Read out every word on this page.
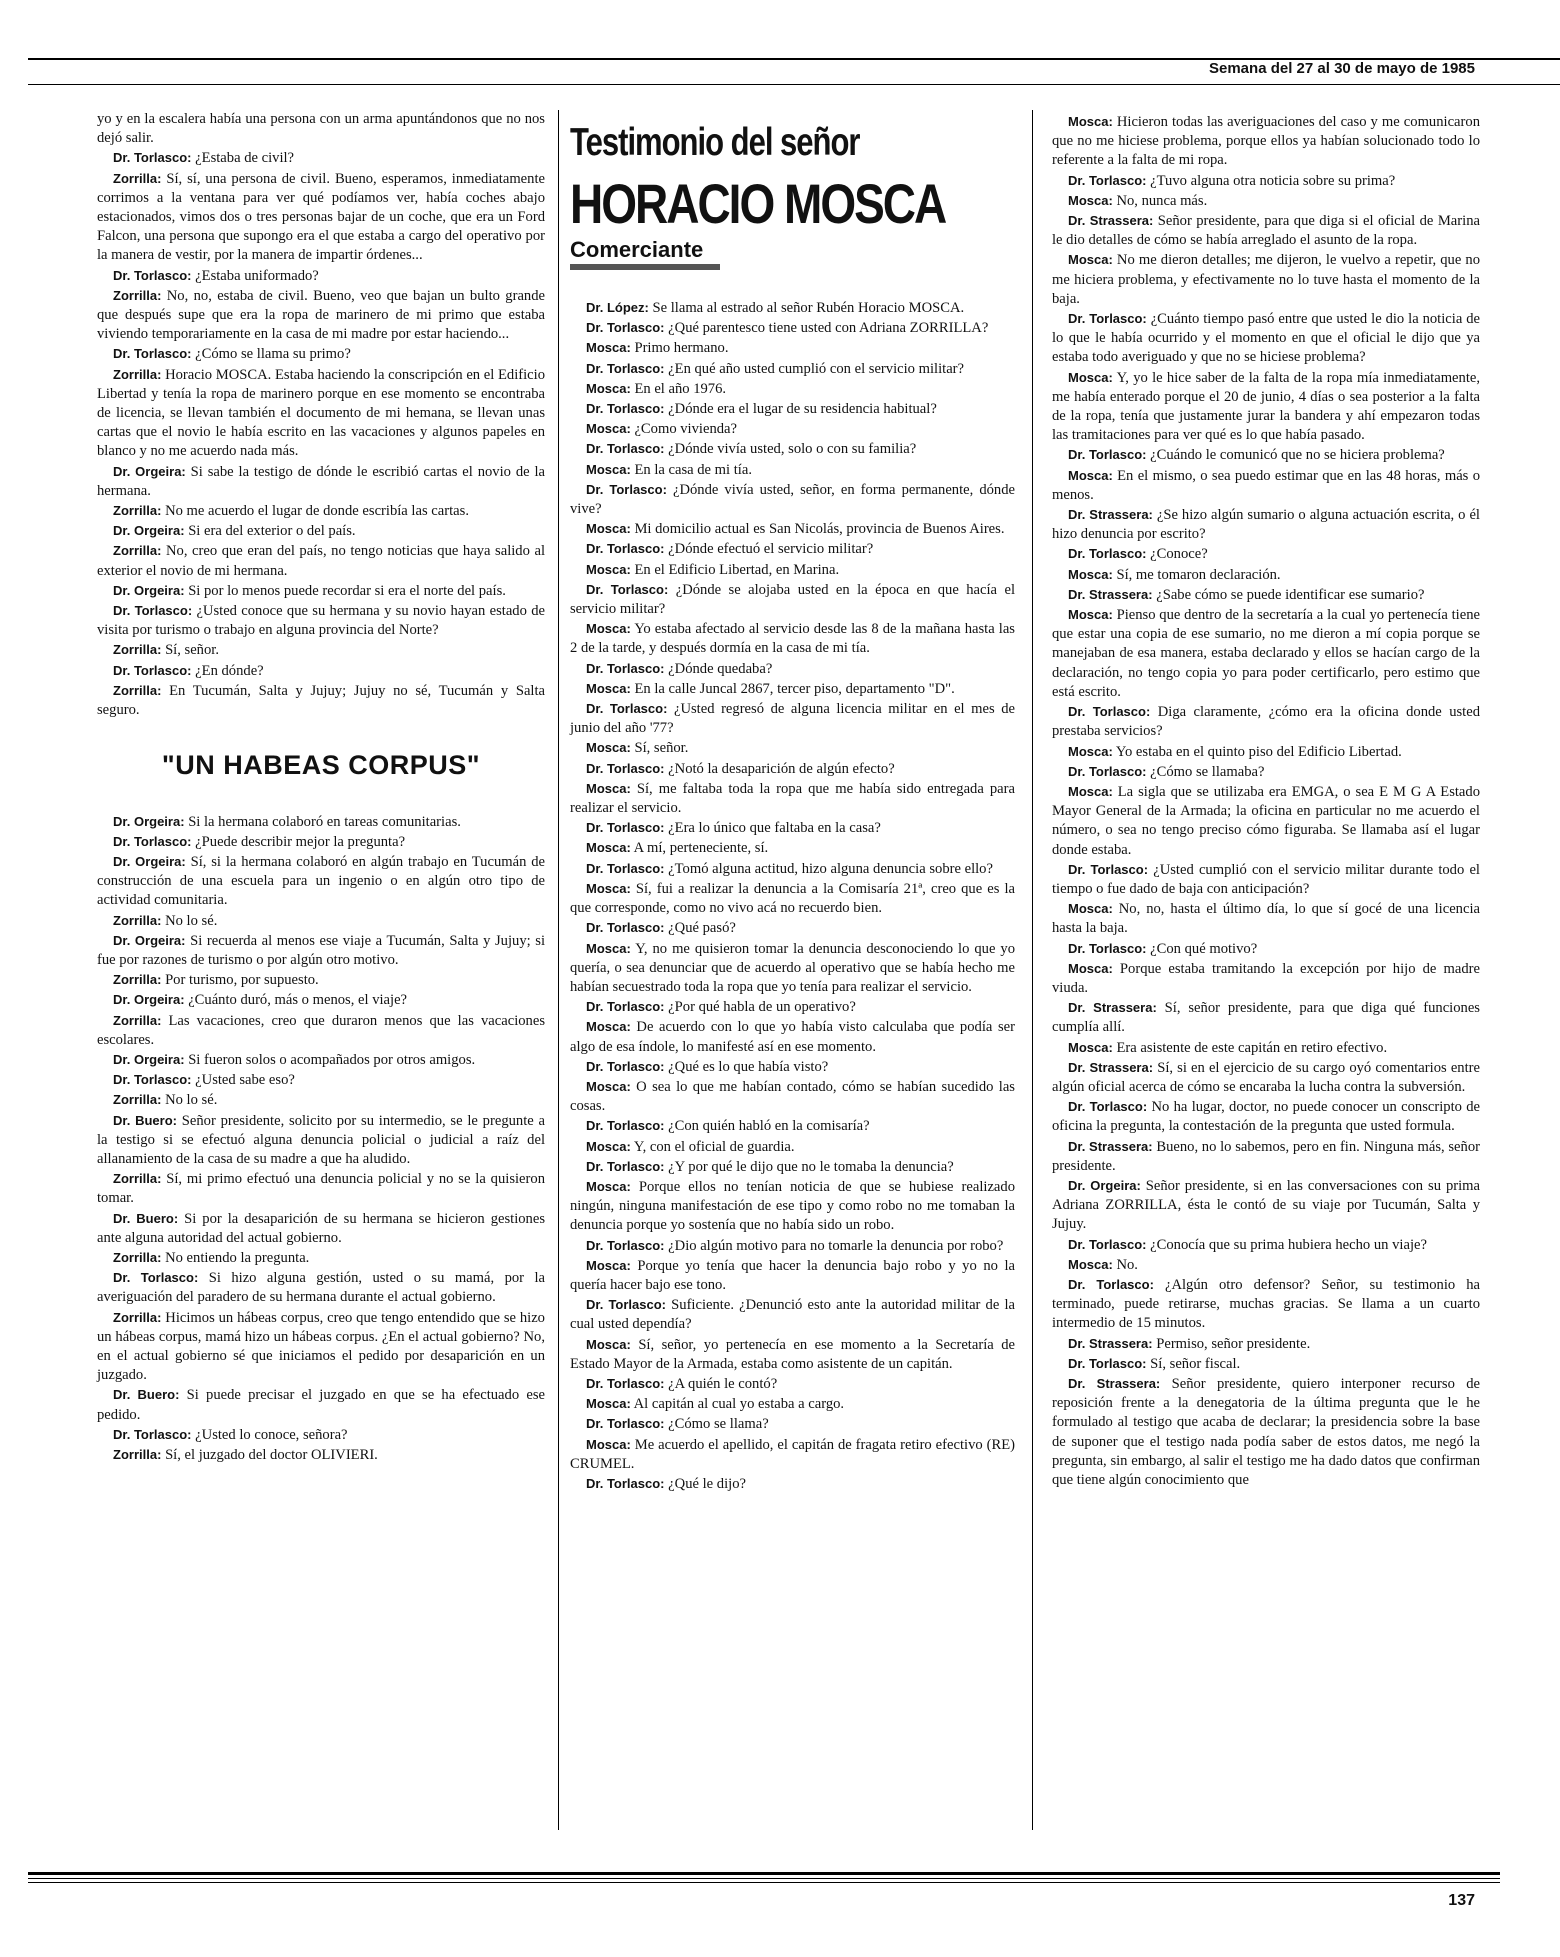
Semana del 27 al 30 de mayo de 1985

yo y en la escalera había una persona con un arma apuntándonos que no nos dejó salir.

Dr. Torlasco: ¿Estaba de civil?

Zorrilla: Sí, sí, una persona de civil. Bueno, esperamos, inmediatamente corrimos a la ventana para ver qué podíamos ver, había coches abajo estacionados, vimos dos o tres personas bajar de un coche, que era un Ford Falcon, una persona que supongo era el que estaba a cargo del operativo por la manera de vestir, por la manera de impartir órdenes...

Dr. Torlasco: ¿Estaba uniformado?

Zorrilla: No, no, estaba de civil. Bueno, veo que bajan un bulto grande que después supe que era la ropa de marinero de mi primo que estaba viviendo temporariamente en la casa de mi madre por estar haciendo...

Dr. Torlasco: ¿Cómo se llama su primo?

Zorrilla: Horacio MOSCA. Estaba haciendo la conscripción en el Edificio Libertad y tenía la ropa de marinero porque en ese momento se encontraba de licencia, se llevan también el documento de mi hemana, se llevan unas cartas que el novio le había escrito en las vacaciones y algunos papeles en blanco y no me acuerdo nada más.

Dr. Orgeira: Si sabe la testigo de dónde le escribió cartas el novio de la hermana.

Zorrilla: No me acuerdo el lugar de donde escribía las cartas.

Dr. Orgeira: Si era del exterior o del país.

Zorrilla: No, creo que eran del país, no tengo noticias que haya salido al exterior el novio de mi hermana.

Dr. Orgeira: Si por lo menos puede recordar si era el norte del país.

Dr. Torlasco: ¿Usted conoce que su hermana y su novio hayan estado de visita por turismo o trabajo en alguna provincia del Norte?

Zorrilla: Sí, señor.

Dr. Torlasco: ¿En dónde?

Zorrilla: En Tucumán, Salta y Jujuy; Jujuy no sé, Tucumán y Salta seguro.

"UN HABEAS CORPUS"

Dr. Orgeira: Si la hermana colaboró en tareas comunitarias.

Dr. Torlasco: ¿Puede describir mejor la pregunta?

Dr. Orgeira: Sí, si la hermana colaboró en algún trabajo en Tucumán de construcción de una escuela para un ingenio o en algún otro tipo de actividad comunitaria.

Zorrilla: No lo sé.

Dr. Orgeira: Si recuerda al menos ese viaje a Tucumán, Salta y Jujuy; si fue por razones de turismo o por algún otro motivo.

Zorrilla: Por turismo, por supuesto.

Dr. Orgeira: ¿Cuánto duró, más o menos, el viaje?

Zorrilla: Las vacaciones, creo que duraron menos que las vacaciones escolares.

Dr. Orgeira: Si fueron solos o acompañados por otros amigos.

Dr. Torlasco: ¿Usted sabe eso?

Zorrilla: No lo sé.

Dr. Buero: Señor presidente, solicito por su intermedio, se le pregunte a la testigo si se efectuó alguna denuncia policial o judicial a raíz del allanamiento de la casa de su madre a que ha aludido.

Zorrilla: Sí, mi primo efectuó una denuncia policial y no se la quisieron tomar.

Dr. Buero: Si por la desaparición de su hermana se hicieron gestiones ante alguna autoridad del actual gobierno.

Zorrilla: No entiendo la pregunta.

Dr. Torlasco: Si hizo alguna gestión, usted o su mamá, por la averiguación del paradero de su hermana durante el actual gobierno.

Zorrilla: Hicimos un hábeas corpus, creo que tengo entendido que se hizo un hábeas corpus, mamá hizo un hábeas corpus. ¿En el actual gobierno? No, en el actual gobierno sé que iniciamos el pedido por desaparición en un juzgado.

Dr. Buero: Si puede precisar el juzgado en que se ha efectuado ese pedido.

Dr. Torlasco: ¿Usted lo conoce, señora?

Zorrilla: Sí, el juzgado del doctor OLIVIERI.

Testimonio del señor
HORACIO MOSCA
Comerciante

Dr. López: Se llama al estrado al señor Rubén Horacio MOSCA.

Dr. Torlasco: ¿Qué parentesco tiene usted con Adriana ZORRILLA?

Mosca: Primo hermano.

Dr. Torlasco: ¿En qué año usted cumplió con el servicio militar?

Mosca: En el año 1976.

Dr. Torlasco: ¿Dónde era el lugar de su residencia habitual?

Mosca: ¿Como vivienda?

Dr. Torlasco: ¿Dónde vivía usted, solo o con su familia?

Mosca: En la casa de mi tía.

Dr. Torlasco: ¿Dónde vivía usted, señor, en forma permanente, dónde vive?

Mosca: Mi domicilio actual es San Nicolás, provincia de Buenos Aires.

Dr. Torlasco: ¿Dónde efectuó el servicio militar?

Mosca: En el Edificio Libertad, en Marina.

Dr. Torlasco: ¿Dónde se alojaba usted en la época en que hacía el servicio militar?

Mosca: Yo estaba afectado al servicio desde las 8 de la mañana hasta las 2 de la tarde, y después dormía en la casa de mi tía.

Dr. Torlasco: ¿Dónde quedaba?

Mosca: En la calle Juncal 2867, tercer piso, departamento "D".

Dr. Torlasco: ¿Usted regresó de alguna licencia militar en el mes de junio del año '77?

Mosca: Sí, señor.

Dr. Torlasco: ¿Notó la desaparición de algún efecto?

Mosca: Sí, me faltaba toda la ropa que me había sido entregada para realizar el servicio.

Dr. Torlasco: ¿Era lo único que faltaba en la casa?

Mosca: A mí, perteneciente, sí.

Dr. Torlasco: ¿Tomó alguna actitud, hizo alguna denuncia sobre ello?

Mosca: Sí, fui a realizar la denuncia a la Comisaría 21ª, creo que es la que corresponde, como no vivo acá no recuerdo bien.

Dr. Torlasco: ¿Qué pasó?

Mosca: Y, no me quisieron tomar la denuncia desconociendo lo que yo quería, o sea denunciar que de acuerdo al operativo que se había hecho me habían secuestrado toda la ropa que yo tenía para realizar el servicio.

Dr. Torlasco: ¿Por qué habla de un operativo?

Mosca: De acuerdo con lo que yo había visto calculaba que podía ser algo de esa índole, lo manifesté así en ese momento.

Dr. Torlasco: ¿Qué es lo que había visto?

Mosca: O sea lo que me habían contado, cómo se habían sucedido las cosas.

Dr. Torlasco: ¿Con quién habló en la comisaría?

Mosca: Y, con el oficial de guardia.

Dr. Torlasco: ¿Y por qué le dijo que no le tomaba la denuncia?

Mosca: Porque ellos no tenían noticia de que se hubiese realizado ningún, ninguna manifestación de ese tipo y como robo no me tomaban la denuncia porque yo sostenía que no había sido un robo.

Dr. Torlasco: ¿Dio algún motivo para no tomarle la denuncia por robo?

Mosca: Porque yo tenía que hacer la denuncia bajo robo y yo no la quería hacer bajo ese tono.

Dr. Torlasco: Suficiente. ¿Denunció esto ante la autoridad militar de la cual usted dependía?

Mosca: Sí, señor, yo pertenecía en ese momento a la Secretaría de Estado Mayor de la Armada, estaba como asistente de un capitán.

Dr. Torlasco: ¿A quién le contó?

Mosca: Al capitán al cual yo estaba a cargo.

Dr. Torlasco: ¿Cómo se llama?

Mosca: Me acuerdo el apellido, el capitán de fragata retiro efectivo (RE) CRUMEL.

Dr. Torlasco: ¿Qué le dijo?

Mosca: Hicieron todas las averiguaciones del caso y me comunicaron que no me hiciese problema, porque ellos ya habían solucionado todo lo referente a la falta de mi ropa.

Dr. Torlasco: ¿Tuvo alguna otra noticia sobre su prima?

Mosca: No, nunca más.

Dr. Strassera: Señor presidente, para que diga si el oficial de Marina le dio detalles de cómo se había arreglado el asunto de la ropa.

Mosca: No me dieron detalles; me dijeron, le vuelvo a repetir, que no me hiciera problema, y efectivamente no lo tuve hasta el momento de la baja.

Dr. Torlasco: ¿Cuánto tiempo pasó entre que usted le dio la noticia de lo que le había ocurrido y el momento en que el oficial le dijo que ya estaba todo averiguado y que no se hiciese problema?

Mosca: Y, yo le hice saber de la falta de la ropa mía inmediatamente, me había enterado porque el 20 de junio, 4 días o sea posterior a la falta de la ropa, tenía que justamente jurar la bandera y ahí empezaron todas las tramitaciones para ver qué es lo que había pasado.

Dr. Torlasco: ¿Cuándo le comunicó que no se hiciera problema?

Mosca: En el mismo, o sea puedo estimar que en las 48 horas, más o menos.

Dr. Strassera: ¿Se hizo algún sumario o alguna actuación escrita, o él hizo denuncia por escrito?

Dr. Torlasco: ¿Conoce?

Mosca: Sí, me tomaron declaración.

Dr. Strassera: ¿Sabe cómo se puede identificar ese sumario?

Mosca: Pienso que dentro de la secretaría a la cual yo pertenecía tiene que estar una copia de ese sumario, no me dieron a mí copia porque se manejaban de esa manera, estaba declarado y ellos se hacían cargo de la declaración, no tengo copia yo para poder certificarlo, pero estimo que está escrito.

Dr. Torlasco: Diga claramente, ¿cómo era la oficina donde usted prestaba servicios?

Mosca: Yo estaba en el quinto piso del Edificio Libertad.

Dr. Torlasco: ¿Cómo se llamaba?

Mosca: La sigla que se utilizaba era EMGA, o sea E M G A Estado Mayor General de la Armada; la oficina en particular no me acuerdo el número, o sea no tengo preciso cómo figuraba. Se llamaba así el lugar donde estaba.

Dr. Torlasco: ¿Usted cumplió con el servicio militar durante todo el tiempo o fue dado de baja con anticipación?

Mosca: No, no, hasta el último día, lo que sí gocé de una licencia hasta la baja.

Dr. Torlasco: ¿Con qué motivo?

Mosca: Porque estaba tramitando la excepción por hijo de madre viuda.

Dr. Strassera: Sí, señor presidente, para que diga qué funciones cumplía allí.

Mosca: Era asistente de este capitán en retiro efectivo.

Dr. Strassera: Sí, si en el ejercicio de su cargo oyó comentarios entre algún oficial acerca de cómo se encaraba la lucha contra la subversión.

Dr. Torlasco: No ha lugar, doctor, no puede conocer un conscripto de oficina la pregunta, la contestación de la pregunta que usted formula.

Dr. Strassera: Bueno, no lo sabemos, pero en fin. Ninguna más, señor presidente.

Dr. Orgeira: Señor presidente, si en las conversaciones con su prima Adriana ZORRILLA, ésta le contó de su viaje por Tucumán, Salta y Jujuy.

Dr. Torlasco: ¿Conocía que su prima hubiera hecho un viaje?

Mosca: No.

Dr. Torlasco: ¿Algún otro defensor? Señor, su testimonio ha terminado, puede retirarse, muchas gracias. Se llama a un cuarto intermedio de 15 minutos.

Dr. Strassera: Permiso, señor presidente.

Dr. Torlasco: Sí, señor fiscal.

Dr. Strassera: Señor presidente, quiero interponer recurso de reposición frente a la denegatoria de la última pregunta que le he formulado al testigo que acaba de declarar; la presidencia sobre la base de suponer que el testigo nada podía saber de estos datos, me negó la pregunta, sin embargo, al salir el testigo me ha dado datos que confirman que tiene algún conocimiento que

137
